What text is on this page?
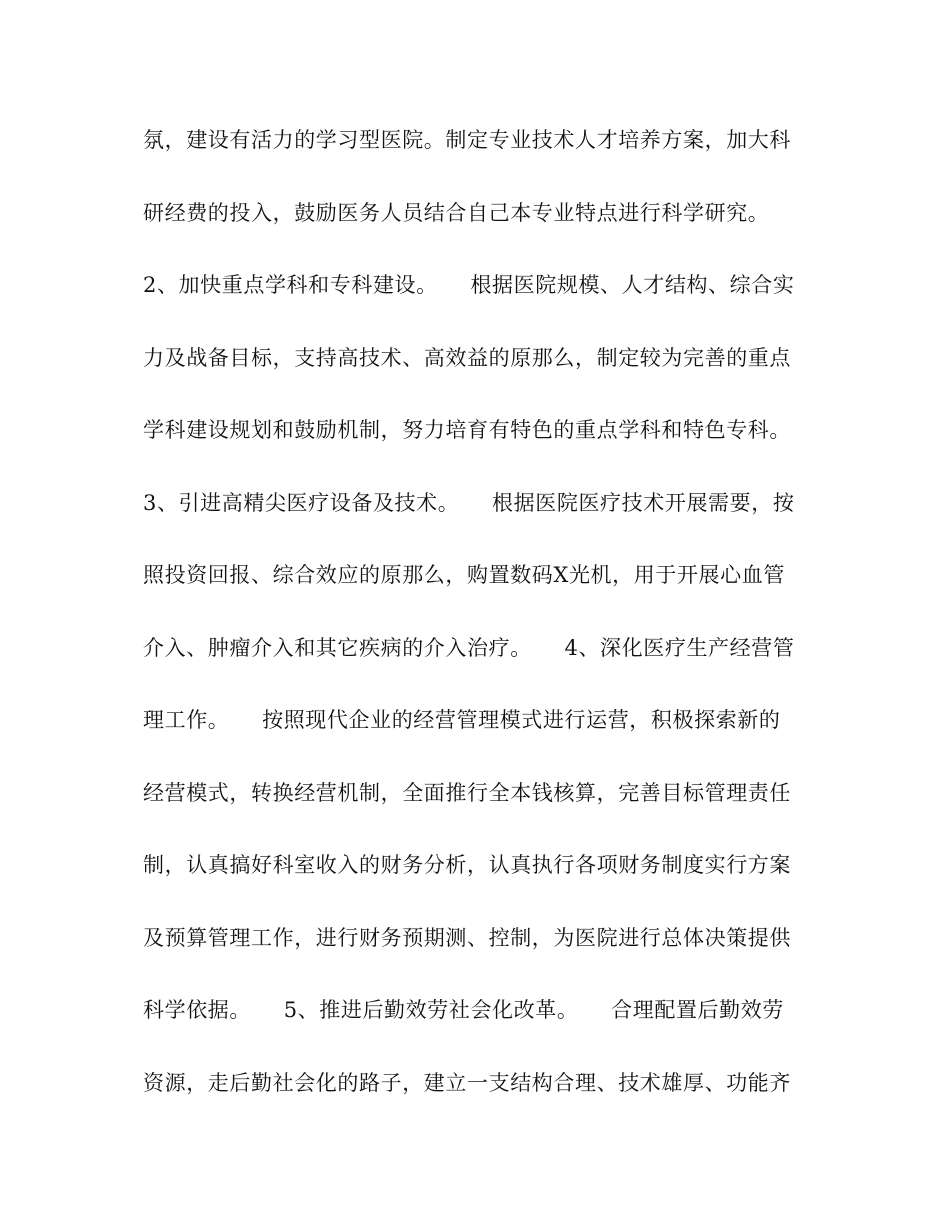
氛，建设有活力的学习型医院。制定专业技术人才培养方案，加大科
研经费的投入，鼓励医务人员结合自己本专业特点进行科学研究。
2、加快重点学科和专科建设。　　根据医院规模、人才结构、综合实
力及战备目标，支持高技术、高效益的原那么，制定较为完善的重点
学科建设规划和鼓励机制，努力培育有特色的重点学科和特色专科。
3、引进高精尖医疗设备及技术。　　根据医院医疗技术开展需要，按
照投资回报、综合效应的原那么，购置数码X光机，用于开展心血管
介入、肿瘤介入和其它疾病的介入治疗。　　4、深化医疗生产经营管
理工作。　　按照现代企业的经营管理模式进行运营，积极探索新的
经营模式，转换经营机制，全面推行全本钱核算，完善目标管理责任
制，认真搞好科室收入的财务分析，认真执行各项财务制度实行方案
及预算管理工作，进行财务预期测、控制，为医院进行总体决策提供
科学依据。　　5、推进后勤效劳社会化改革。　　合理配置后勤效劳
资源，走后勤社会化的路子，建立一支结构合理、技术雄厚、功能齐
